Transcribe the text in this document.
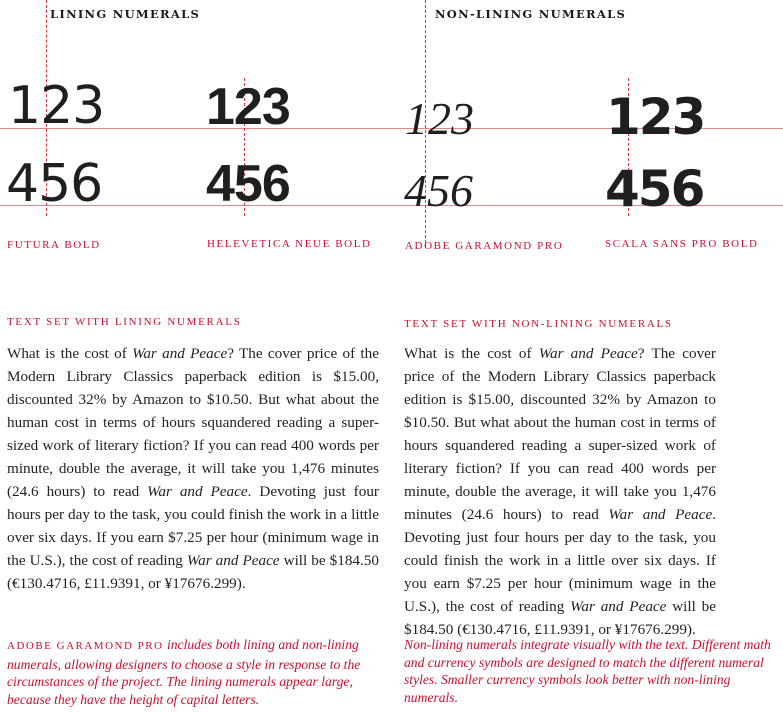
LINING NUMERALS	NON-LINING NUMERALS
123
456
FUTURA BOLD
123
456
HELEVETICA NEUE BOLD
123
456
ADOBE GARAMOND PRO
123
456
SCALA SANS PRO BOLD
TEXT SET WITH LINING NUMERALS
What is the cost of War and Peace? The cover price of the Modern Library Classics paperback edition is $15.00, discounted 32% by Amazon to $10.50. But what about the human cost in terms of hours squandered reading a super-sized work of literary fiction? If you can read 400 words per minute, double the average, it will take you 1,476 minutes (24.6 hours) to read War and Peace. Devoting just four hours per day to the task, you could finish the work in a little over six days. If you earn $7.25 per hour (minimum wage in the U.S.), the cost of reading War and Peace will be $184.50 (€130.4716, £11.9391, or ¥17676.299).
ADOBE GARAMOND PRO includes both lining and non-lining numerals, allowing designers to choose a style in response to the circumstances of the project. The lining numerals appear large, because they have the height of capital letters.
TEXT SET WITH NON-LINING NUMERALS
What is the cost of War and Peace? The cover price of the Modern Library Classics paperback edition is $15.00, discounted 32% by Amazon to $10.50. But what about the human cost in terms of hours squandered reading a super-sized work of literary fiction? If you can read 400 words per minute, double the average, it will take you 1,476 minutes (24.6 hours) to read War and Peace. Devoting just four hours per day to the task, you could finish the work in a little over six days. If you earn $7.25 per hour (minimum wage in the U.S.), the cost of reading War and Peace will be $184.50 (€130.4716, £11.9391, or ¥17676.299).
Non-lining numerals integrate visually with the text. Different math and currency symbols are designed to match the different numeral styles. Smaller currency symbols look better with non-lining numerals.
